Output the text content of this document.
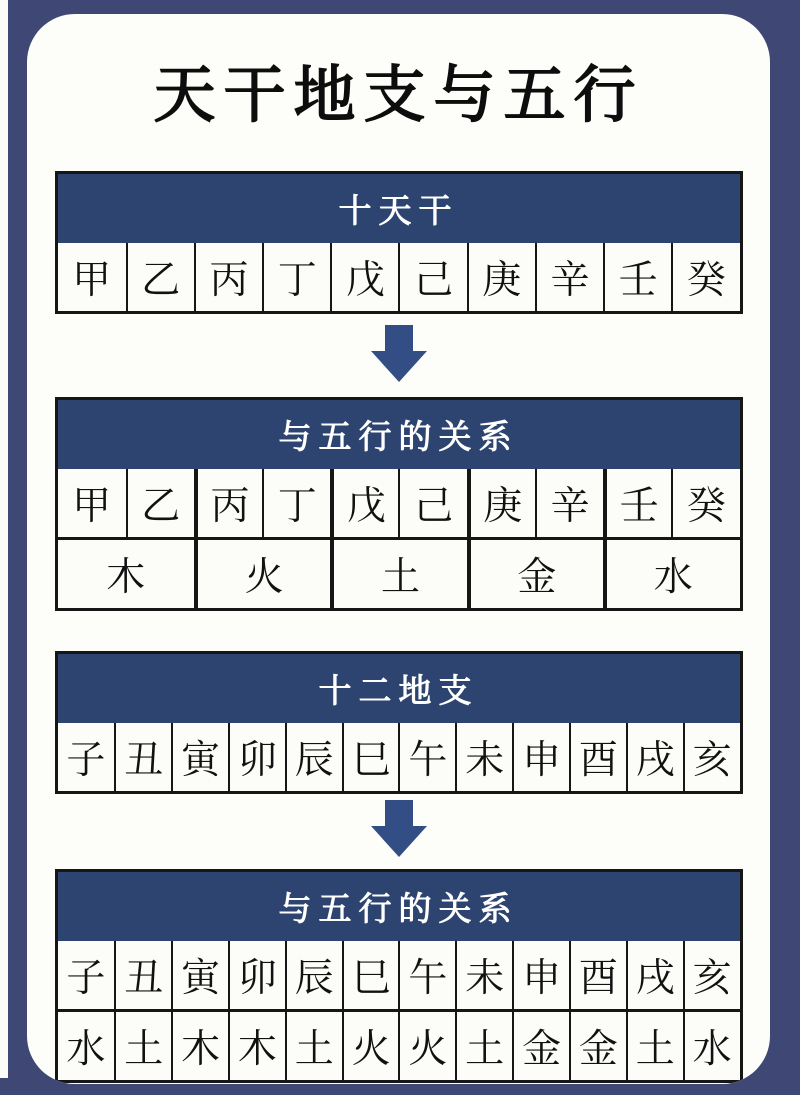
天干地支与五行
十天干
甲 乙 丙 丁 戊 己 庚 辛 壬 癸
与五行的关系
甲 乙 丙 丁 戊 己 庚 辛 壬 癸
木	火	土	金	水
十二地支
子 丑 寅 卯 辰 巳 午 未 申 酉 戌 亥
与五行的关系
子 丑 寅 卯 辰 巳 午 未 申 酉 戌 亥
水 土 木 木 土 火 火 土 金 金 土 水
